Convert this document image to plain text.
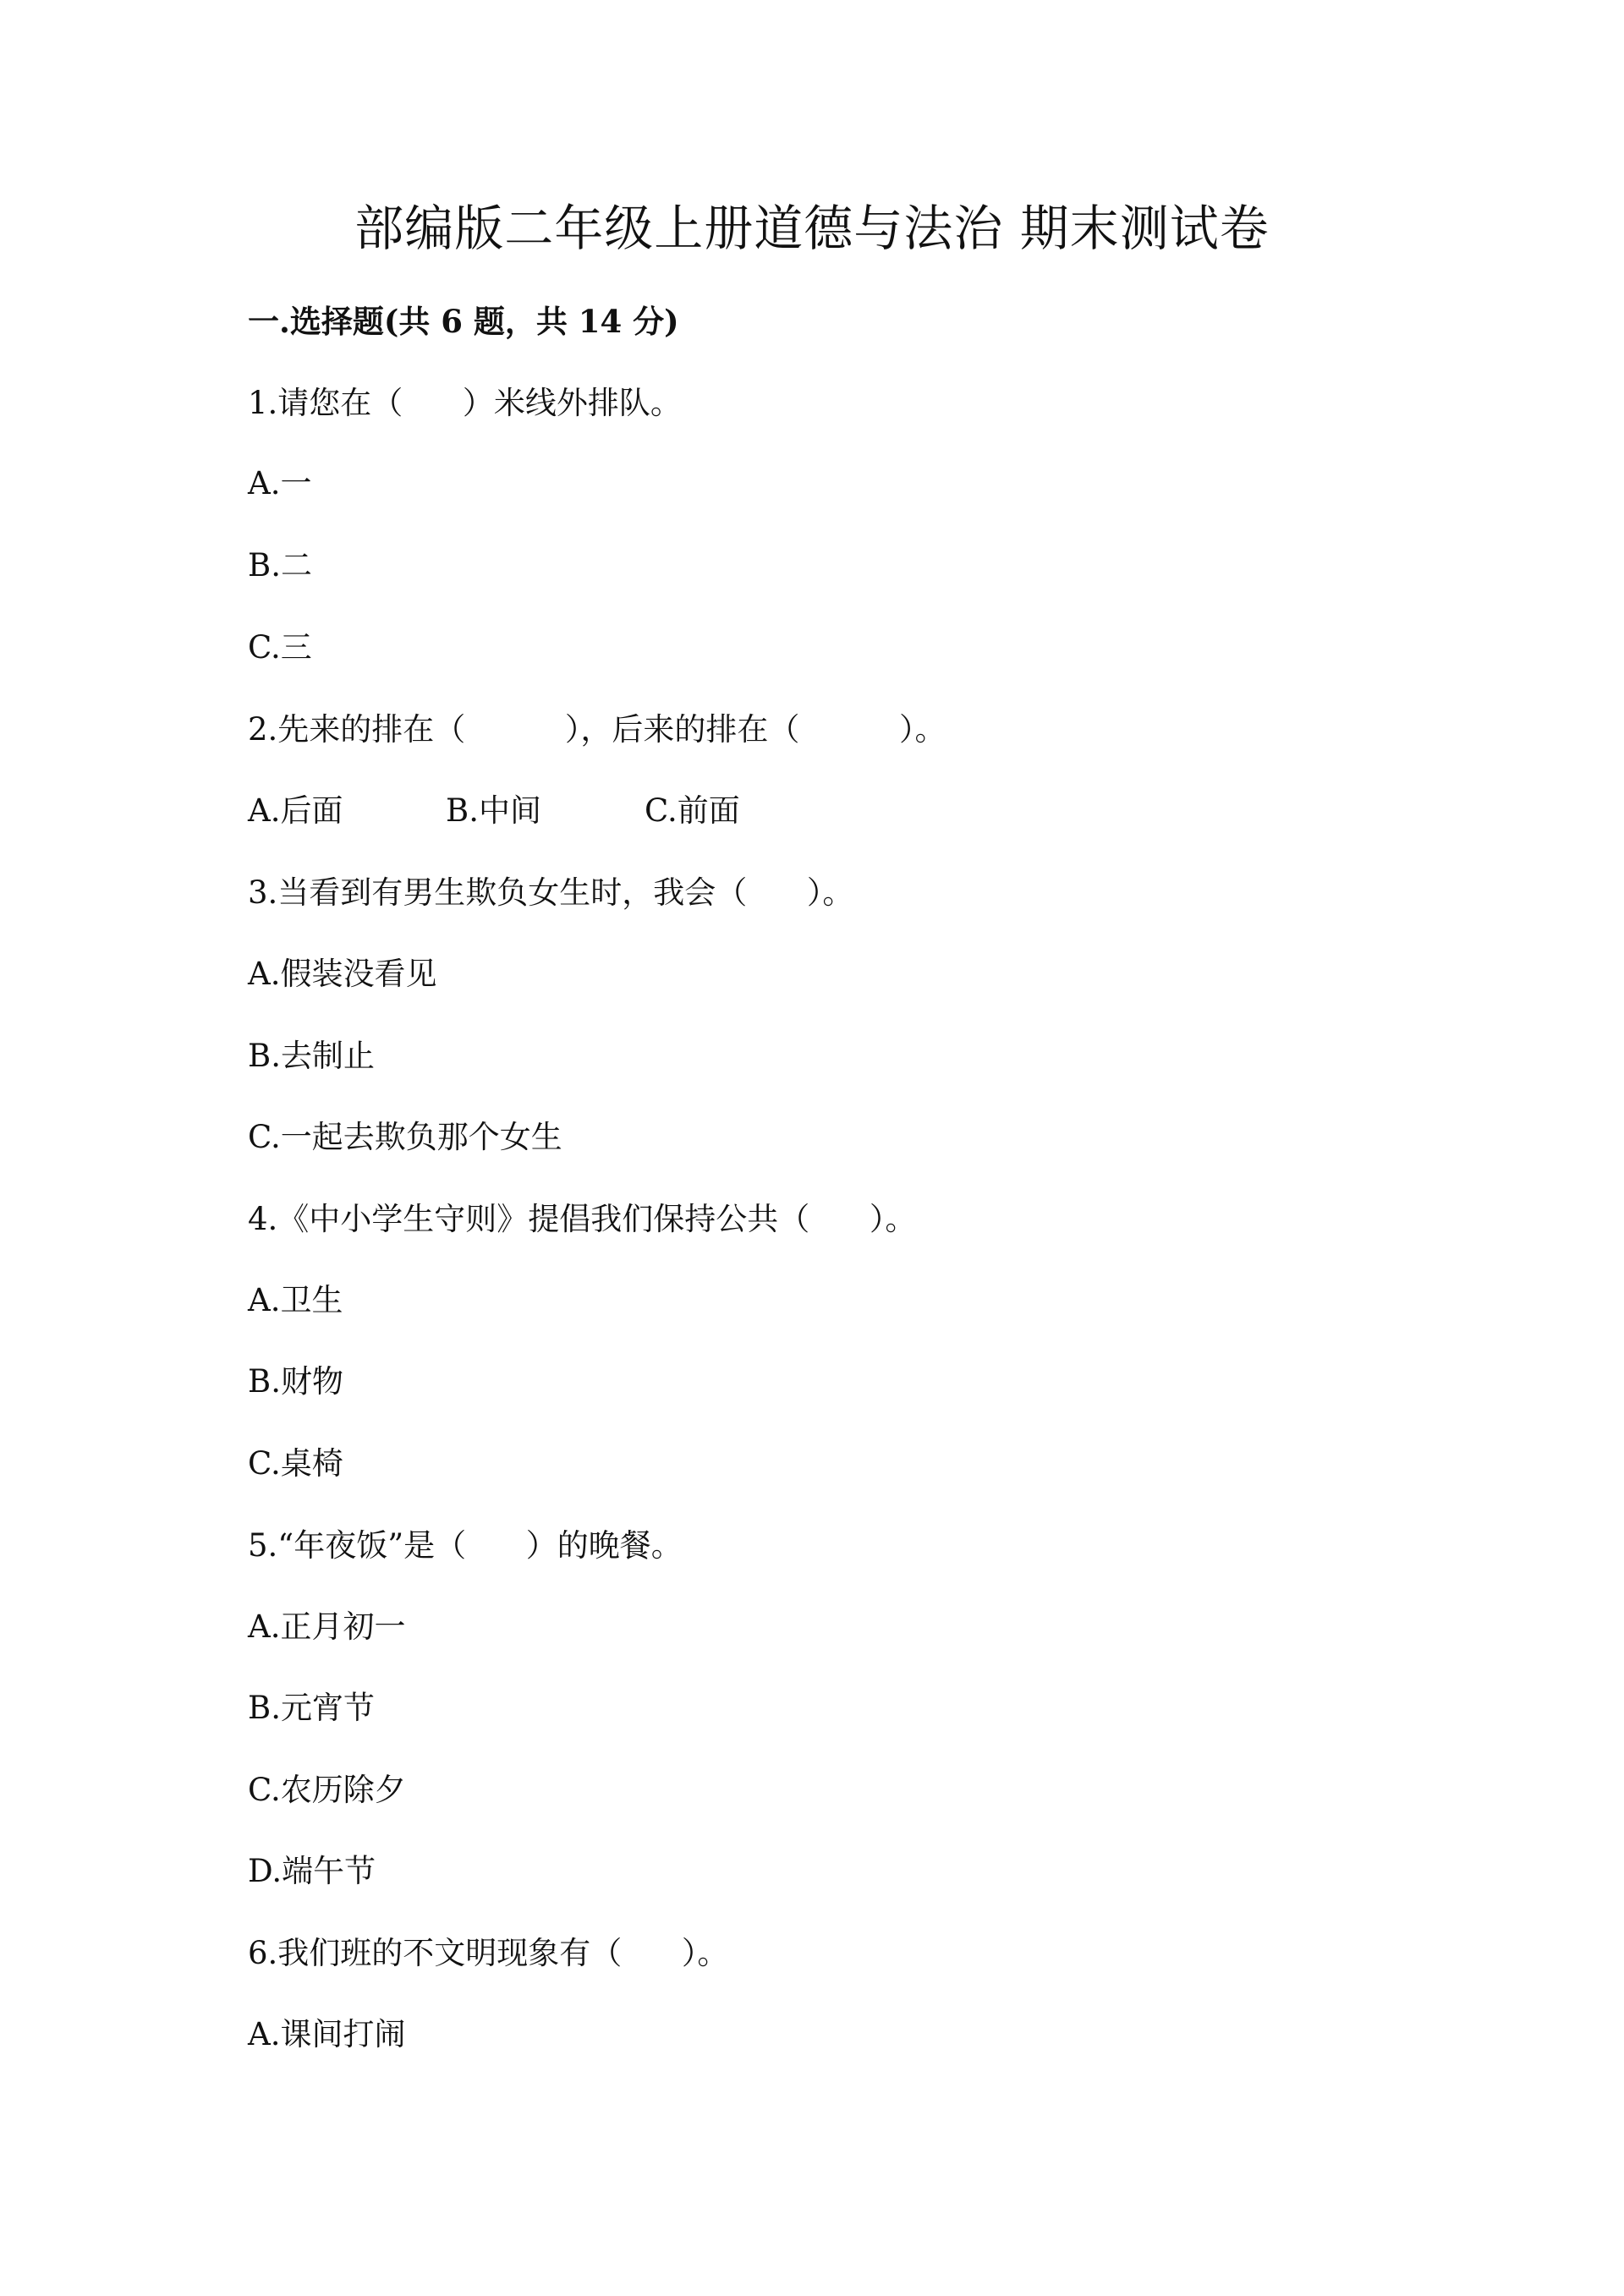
部编版二年级上册道德与法治 期末测试卷
一.选择题(共 6 题，共 14 分)

1.请您在（      ）米线外排队。

A.一

B.二

C.三

2.先来的排在（          ），后来的排在（          ）。

A.后面	B.中间	C.前面

3.当看到有男生欺负女生时，我会（      ）。

A.假装没看见

B.去制止

C.一起去欺负那个女生

4.《中小学生守则》提倡我们保持公共（      ）。

A.卫生

B.财物

C.桌椅

5.“年夜饭”是（      ）的晚餐。

A.正月初一

B.元宵节

C.农历除夕

D.端午节

6.我们班的不文明现象有（      ）。

A.课间打闹
